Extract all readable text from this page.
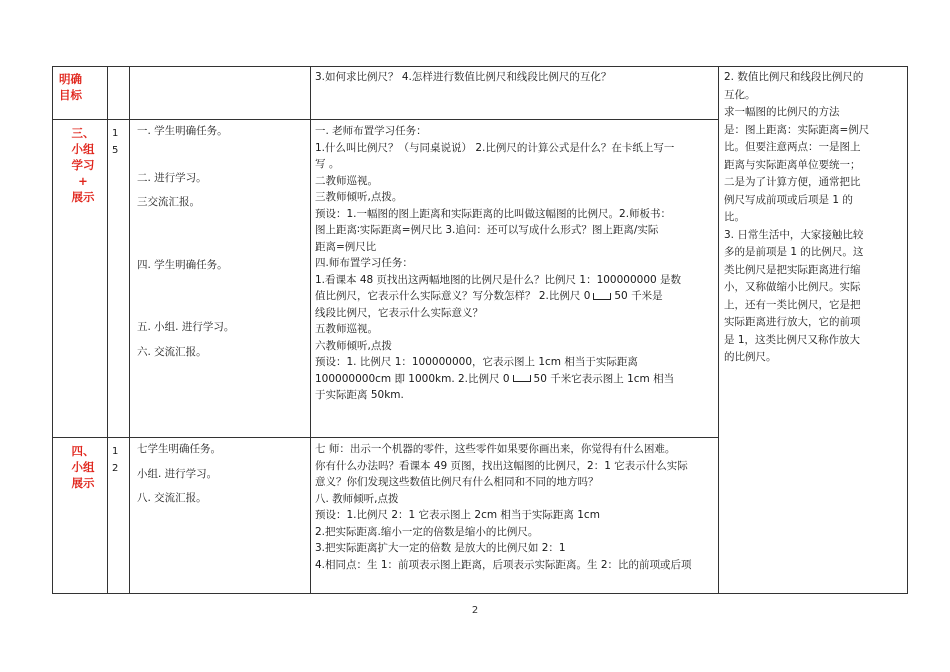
明确
目标

3.如何求比例尺？ 4.怎样进行数值比例尺和线段比例尺的互化？

三、
小组
学习
+
展示
15

一. 学生明确任务。

二. 进行学习。

三交流汇报。

四. 学生明确任务。

五. 小组. 进行学习。

六. 交流汇报。

一. 老师布置学习任务：

1.什么叫比例尺？（与同桌说说） 2.比例尺的计算公式是什么？在卡纸上写一

写 。

二教师巡视。

三教师倾听,点拨。

预设：1.一幅图的图上距离和实际距离的比叫做这幅图的比例尺。2.师板书：

图上距离∶实际距离=例尺比 3.追问：还可以写成什么形式？图上距离/实际

距离=例尺比

四.师布置学习任务：

1.看课本 48 页找出这两幅地图的比例尺是什么？比例尺 1：100000000 是数

值比例尺，它表示什么实际意义？写分数怎样？ 2.比例尺 0 50 千米是

线段比例尺，它表示什么实际意义？

五教师巡视。

六教师倾听,点拨

预设：1. 比例尺 1：100000000，它表示图上 1cm 相当于实际距离

100000000cm 即 1000km. 2.比例尺 0 50 千米它表示图上 1cm 相当

于实际距离 50km.

四、
小组
展示
12

七学生明确任务。

小组. 进行学习。

八. 交流汇报。

七 师：出示一个机器的零件，这些零件如果要你画出来，你觉得有什么困难。

你有什么办法吗？看课本 49 页图，找出这幅图的比例尺，2：1 它表示什么实际

意义？你们发现这些数值比例尺有什么相同和不同的地方吗？

八. 教师倾听,点拨

预设：1.比例尺 2：1 它表示图上 2cm 相当于实际距离 1cm

2.把实际距离.缩小一定的倍数是缩小的比例尺。

3.把实际距离扩大一定的倍数 是放大的比例尺如 2：1

4.相同点：生 1：前项表示图上距离，后项表示实际距离。生 2：比的前项或后项

2. 数值比例尺和线段比例尺的

互化。

求一幅图的比例尺的方法

是：图上距离：实际距离=例尺

比。但要注意两点：一是图上

距离与实际距离单位要统一；

二是为了计算方便，通常把比

例尺写成前项或后项是 1 的

比。

3. 日常生活中，大家接触比较

多的是前项是 1 的比例尺。这

类比例尺是把实际距离进行缩

小，又称做缩小比例尺。实际

上，还有一类比例尺，它是把

实际距离进行放大，它的前项

是 1，这类比例尺又称作放大

的比例尺。

2
